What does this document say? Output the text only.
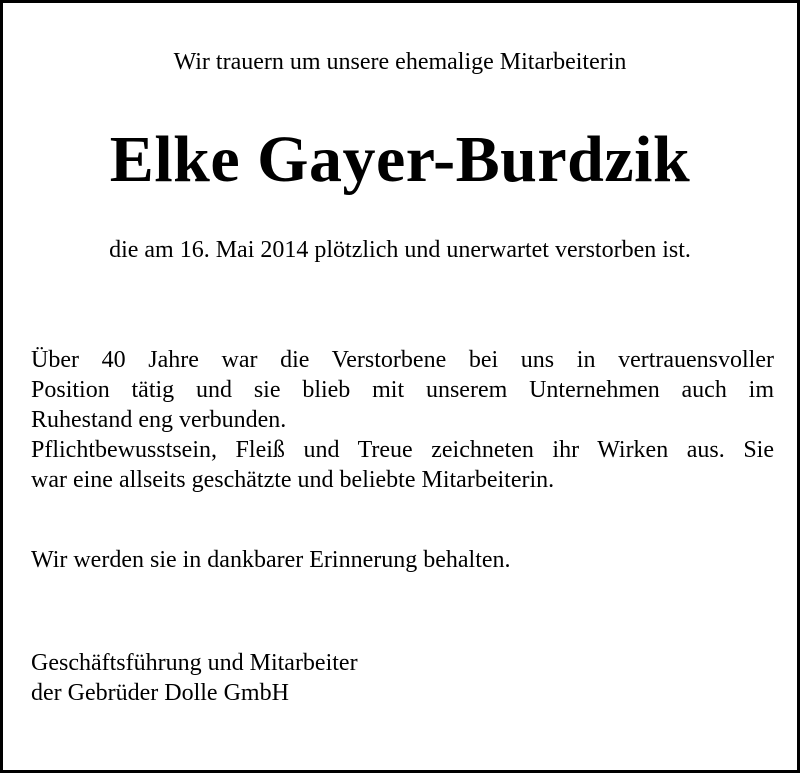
Wir trauern um unsere ehemalige Mitarbeiterin
Elke Gayer-Burdzik
die am 16. Mai 2014 plötzlich und unerwartet verstorben ist.

Über 40 Jahre war die Verstorbene bei uns in vertrauensvoller
Position tätig und sie blieb mit unserem Unternehmen auch im
Ruhestand eng verbunden.

Pflichtbewusstsein, Fleiß und Treue zeichneten ihr Wirken aus. Sie
war eine allseits geschätzte und beliebte Mitarbeiterin.

Wir werden sie in dankbarer Erinnerung behalten.
Geschäftsführung und Mitarbeiter
der Gebrüder Dolle GmbH
